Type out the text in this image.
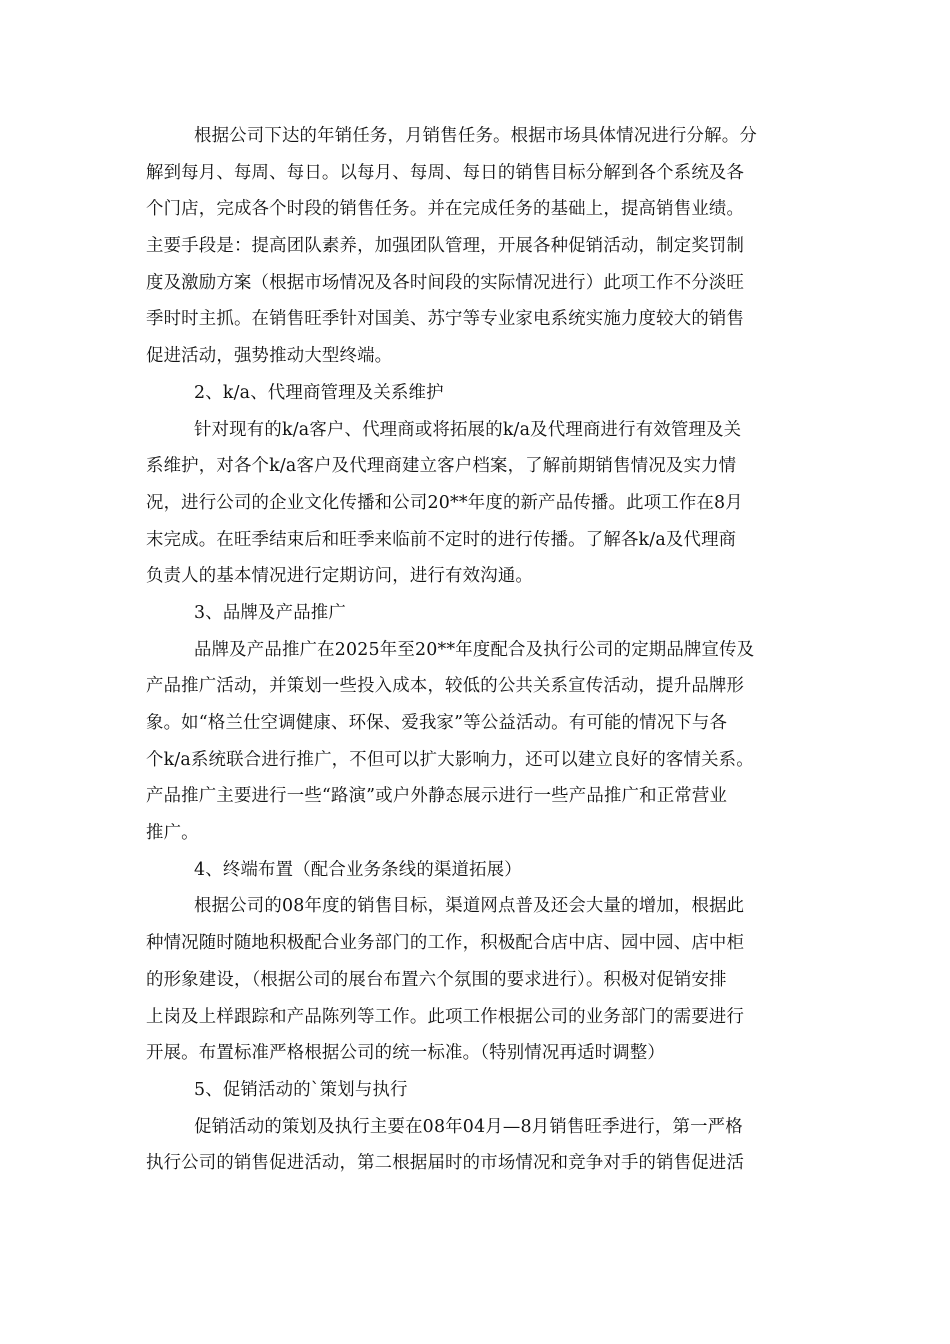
根据公司下达的年销任务，月销售任务。根据市场具体情况进行分解。分
解到每月、每周、每日。以每月、每周、每日的销售目标分解到各个系统及各
个门店，完成各个时段的销售任务。并在完成任务的基础上，提高销售业绩。
主要手段是：提高团队素养，加强团队管理，开展各种促销活动，制定奖罚制
度及激励方案（根据市场情况及各时间段的实际情况进行）此项工作不分淡旺
季时时主抓。在销售旺季针对国美、苏宁等专业家电系统实施力度较大的销售
促进活动，强势推动大型终端。
2、k/a、代理商管理及关系维护
针对现有的k/a客户、代理商或将拓展的k/a及代理商进行有效管理及关
系维护，对各个k/a客户及代理商建立客户档案，了解前期销售情况及实力情
况，进行公司的企业文化传播和公司20**年度的新产品传播。此项工作在8月
末完成。在旺季结束后和旺季来临前不定时的进行传播。了解各k/a及代理商
负责人的基本情况进行定期访问，进行有效沟通。
3、品牌及产品推广
品牌及产品推广在2025年至20**年度配合及执行公司的定期品牌宣传及
产品推广活动，并策划一些投入成本，较低的公共关系宣传活动，提升品牌形
象。如“格兰仕空调健康、环保、爱我家”等公益活动。有可能的情况下与各
个k/a系统联合进行推广，不但可以扩大影响力，还可以建立良好的客情关系。
产品推广主要进行一些“路演”或户外静态展示进行一些产品推广和正常营业
推广。
4、终端布置（配合业务条线的渠道拓展）
根据公司的08年度的销售目标，渠道网点普及还会大量的增加，根据此
种情况随时随地积极配合业务部门的工作，积极配合店中店、园中园、店中柜
的形象建设，（根据公司的展台布置六个氛围的要求进行）。积极对促销安排
上岗及上样跟踪和产品陈列等工作。此项工作根据公司的业务部门的需要进行
开展。布置标准严格根据公司的统一标准。（特别情况再适时调整）
5、促销活动的`策划与执行
促销活动的策划及执行主要在08年04月—8月销售旺季进行，第一严格
执行公司的销售促进活动，第二根据届时的市场情况和竞争对手的销售促进活
